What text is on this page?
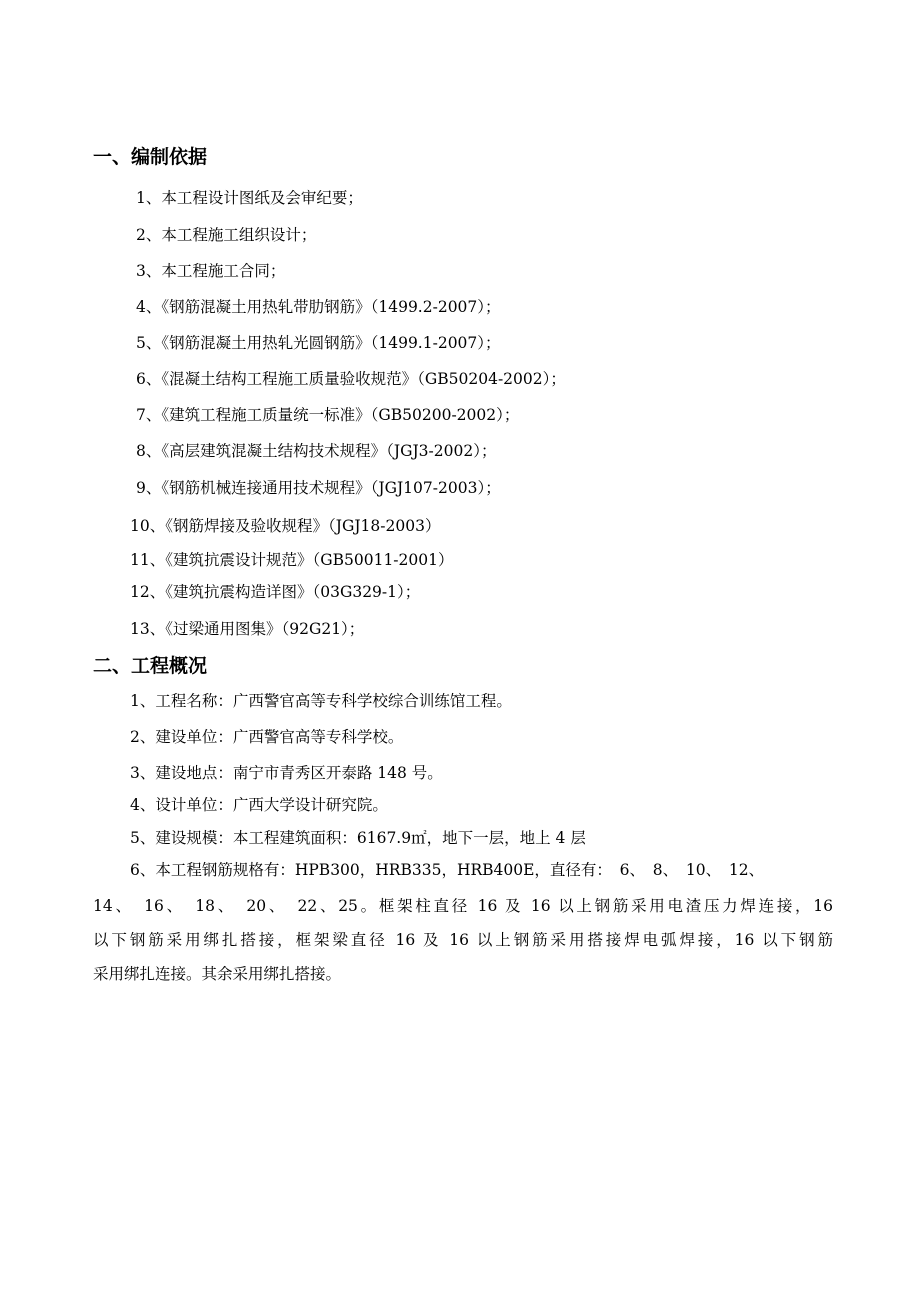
一、编制依据
1、本工程设计图纸及会审纪要；
2、本工程施工组织设计；
3、本工程施工合同；
4、《钢筋混凝土用热轧带肋钢筋》（1499.2-2007）；
5、《钢筋混凝土用热轧光圆钢筋》（1499.1-2007）；
6、《混凝土结构工程施工质量验收规范》（GB50204-2002）；
7、《建筑工程施工质量统一标准》（GB50200-2002）；
8、《高层建筑混凝土结构技术规程》（JGJ3-2002）；
9、《钢筋机械连接通用技术规程》（JGJ107-2003）；
10、《钢筋焊接及验收规程》（JGJ18-2003）
11、《建筑抗震设计规范》（GB50011-2001）
12、《建筑抗震构造详图》（03G329-1）；
13、《过梁通用图集》（92G21）；
二、工程概况
1、工程名称：广西警官高等专科学校综合训练馆工程。
2、建设单位：广西警官高等专科学校。
3、建设地点：南宁市青秀区开泰路 148 号。
4、设计单位：广西大学设计研究院。
5、建设规模：本工程建筑面积：6167.9㎡，地下一层，地上 4 层
6、本工程钢筋规格有：HPB300，HRB335，HRB400E，直径有：　6、　8、　10、　12、
14、　16、　18、　20、　22、25。框架柱直径 16 及 16 以上钢筋采用电渣压力焊连接，16
以下钢筋采用绑扎搭接，框架梁直径 16 及 16 以上钢筋采用搭接焊电弧焊接，16 以下钢筋
采用绑扎连接。其余采用绑扎搭接。
